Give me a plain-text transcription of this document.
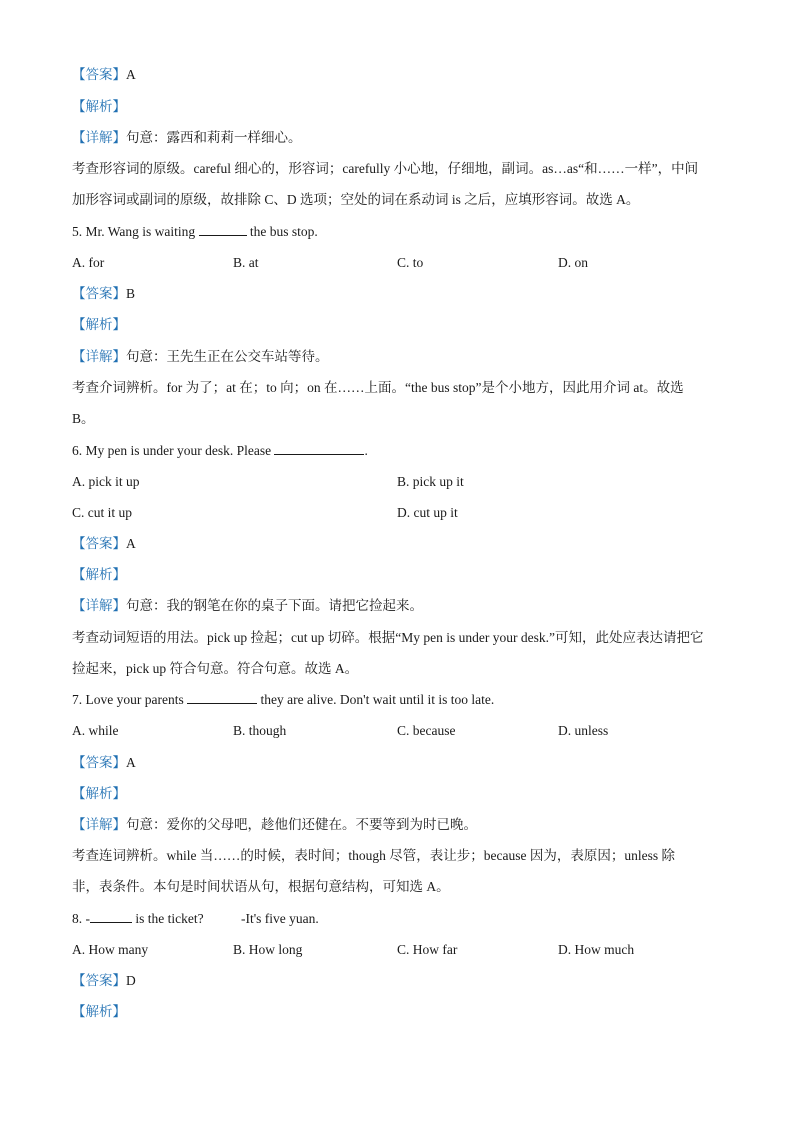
【答案】A
【解析】
【详解】句意：露西和莉莉一样细心。
考查形容词的原级。careful 细心的，形容词；carefully 小心地，仔细地，副词。as…as“和……一样”，中间
加形容词或副词的原级，故排除 C、D 选项；空处的词在系动词 is 之后，应填形容词。故选 A。
5. Mr. Wang is waiting	the bus stop.
A. for	B. at	C. to	D. on
【答案】B
【解析】
【详解】句意：王先生正在公交车站等待。
考查介词辨析。for 为了；at 在；to 向；on 在……上面。“the bus stop”是个小地方，因此用介词 at。故选
B。
6. My pen is under your desk. Please	.
A. pick it up	B. pick up it
C. cut it up	D. cut up it
【答案】A
【解析】
【详解】句意：我的钢笔在你的桌子下面。请把它捡起来。
考查动词短语的用法。pick up 捡起；cut up 切碎。根据“My pen is under your desk.”可知，此处应表达请把它
捡起来，pick up 符合句意。符合句意。故选 A。
7. Love your parents	they are alive. Don't wait until it is too late.
A. while	B. though	C. because	D. unless
【答案】A
【解析】
【详解】句意：爱你的父母吧，趁他们还健在。不要等到为时已晚。
考查连词辨析。while 当……的时候，表时间；though 尽管，表让步；because 因为，表原因；unless 除
非，表条件。本句是时间状语从句，根据句意结构，可知选 A。
8. -	is the ticket?	-It's five yuan.
A. How many	B. How long	C. How far	D. How much
【答案】D
【解析】
